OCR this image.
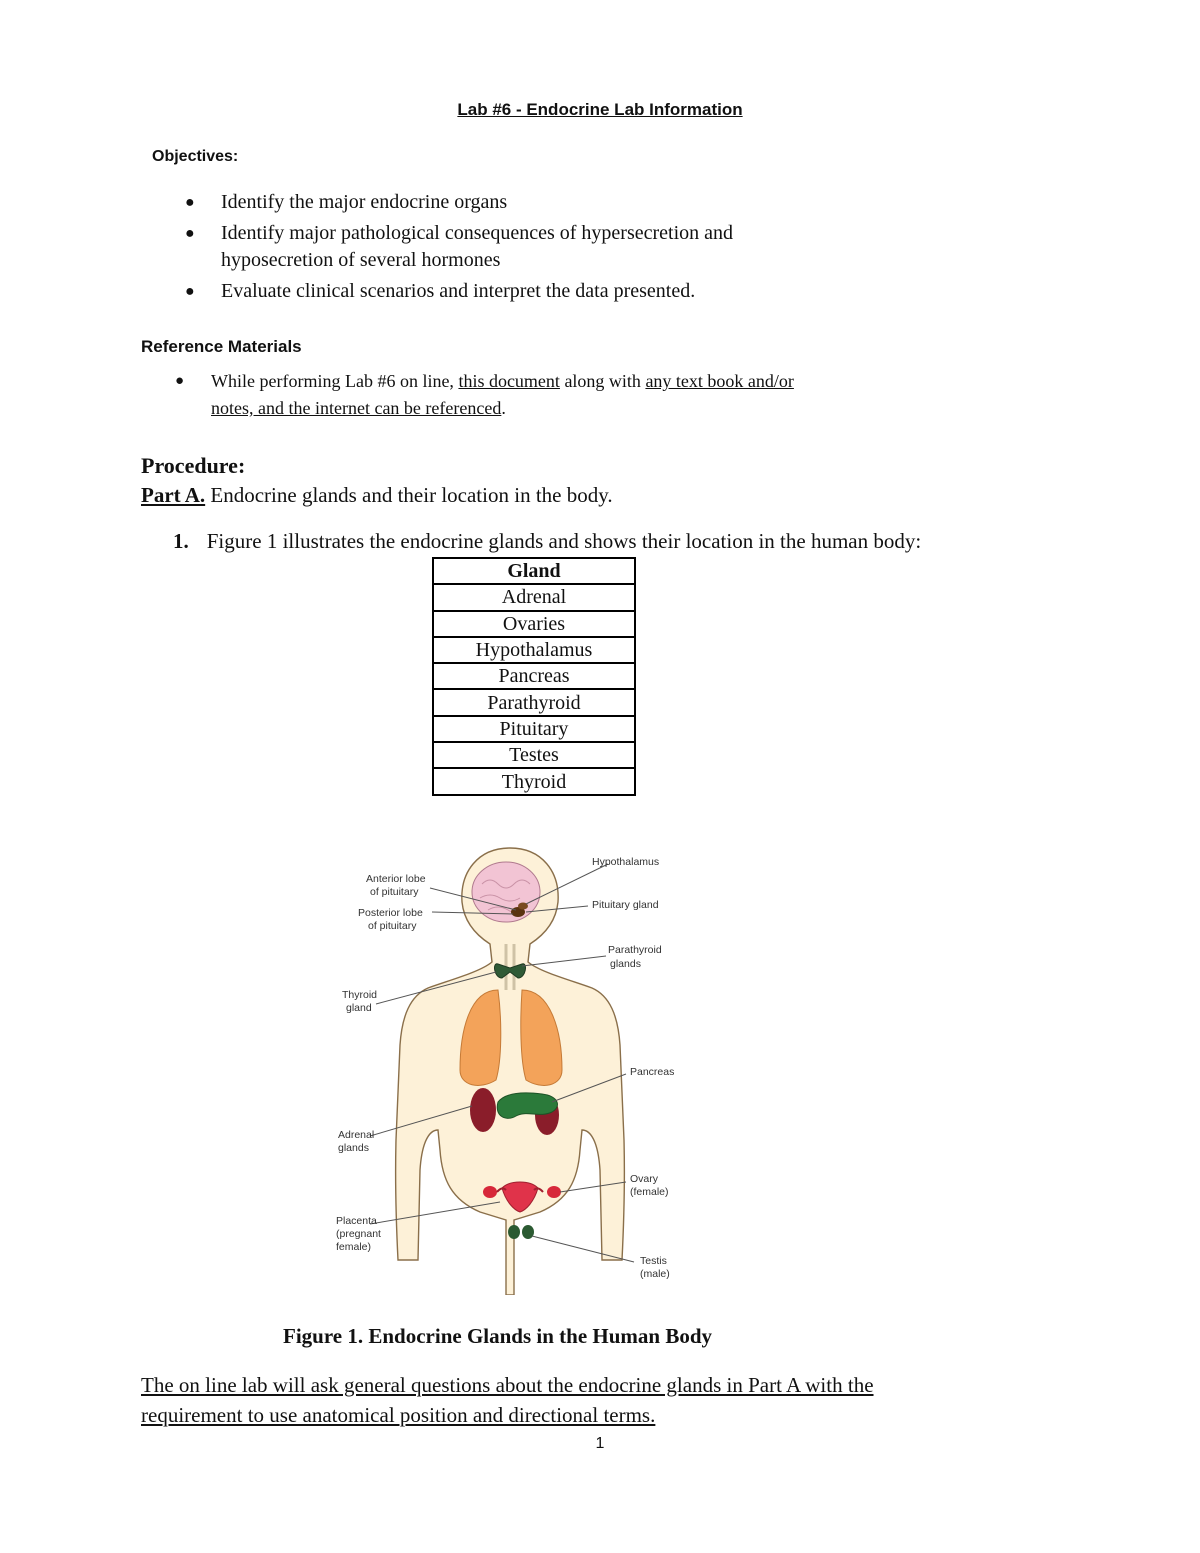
Lab #6 - Endocrine Lab Information
Objectives:
● Identify the major endocrine organs
● Identify major pathological consequences of hypersecretion and
hyposecretion of several hormones
● Evaluate clinical scenarios and interpret the data presented.
Reference Materials
●	While performing Lab #6 on line, this document along with any text book and/or
notes, and the internet can be referenced.
Procedure:
Part A. Endocrine glands and their location in the body.
1. Figure 1 illustrates the endocrine glands and shows their location in the human body:
Gland
Adrenal
Ovaries
Hypothalamus
Pancreas
Parathyroid
Pituitary
Testes
Thyroid
Anterior lobe
of pituitary
Posterior lobe
of pituitary
Hypothalamus
Pituitary gland
Parathyroid
glands
Thyroid
gland
Pancreas
Adrenal
glands
Ovary
(female)
Placenta
(pregnant
female)
Testis
(male)
Figure 1. Endocrine Glands in the Human Body
The on line lab will ask general questions about the endocrine glands in Part A with the
requirement to use anatomical position and directional terms.
1
